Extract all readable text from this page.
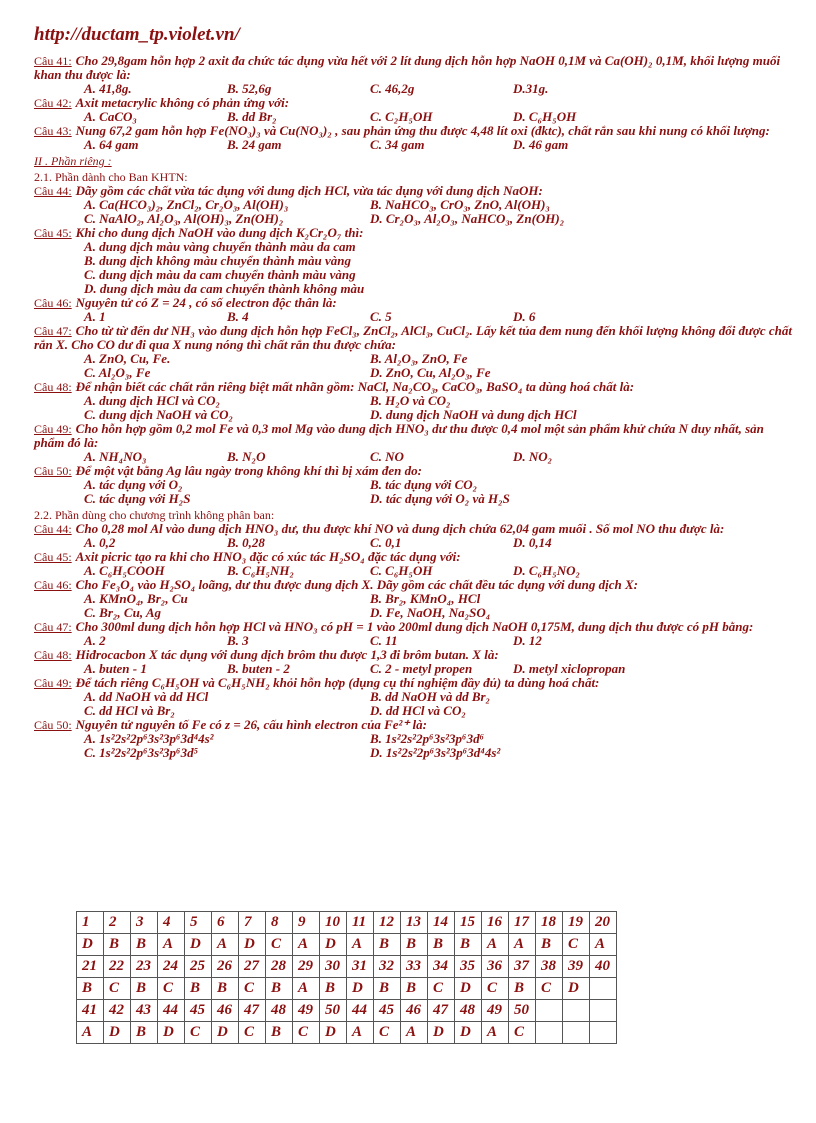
http://ductam_tp.violet.vn/
Câu 41: Cho 29,8gam hỗn hợp 2 axit đa chức tác dụng vừa hết với 2 lít dung dịch hỗn hợp NaOH 0,1M và Ca(OH)₂ 0,1M, khối lượng muối khan thu được là:
A. 41,8g.	B. 52,6g	C. 46,2g	D.31g.
Câu 42: Axit metacrylic không có phản ứng với:
A. CaCO₃	B. dd Br₂	C. C₂H₅OH	D. C₆H₅OH
Câu 43: Nung 67,2 gam hỗn hợp Fe(NO₃)₃ và Cu(NO₃)₂ , sau phản ứng thu được 4,48 lít oxi (đktc), chất rắn sau khi nung có khối lượng:
A. 64 gam	B. 24 gam	C. 34 gam	D. 46 gam
II . Phần riêng :
2.1. Phần dành cho Ban KHTN:
Câu 44: Dãy gồm các chất vừa tác dụng với dung dịch HCl, vừa tác dụng với dung dịch NaOH:
A. Ca(HCO₃)₂, ZnCl₂, Cr₂O₃, Al(OH)₃	B. NaHCO₃, CrO₃, ZnO, Al(OH)₃
C. NaAlO₂, Al₂O₃, Al(OH)₃, Zn(OH)₂	D. Cr₂O₃, Al₂O₃, NaHCO₃, Zn(OH)₂
Câu 45: Khi cho dung dịch NaOH vào dung dịch K₂Cr₂O₇ thì:
A. dung dịch màu vàng chuyển thành màu da cam
B. dung dịch không màu chuyển thành màu vàng
C. dung dịch màu da cam chuyển thành màu vàng
D. dung dịch màu da cam chuyển thành không màu
Câu 46: Nguyên tử có Z = 24 , có số electron độc thân là:
A. 1	B. 4	C. 5	D. 6
Câu 47: Cho từ từ đến dư NH₃ vào dung dịch hỗn hợp FeCl₃, ZnCl₂, AlCl₃, CuCl₂. Lấy kết tủa đem nung đến khối lượng không đổi được chất rắn X. Cho CO dư đi qua X nung nóng thì chất rắn thu được chứa:
A. ZnO, Cu, Fe.	B. Al₂O₃, ZnO, Fe
C. Al₂O₃, Fe	D. ZnO, Cu, Al₂O₃, Fe
Câu 48: Để nhận biết các chất rắn riêng biệt mất nhãn gồm: NaCl, Na₂CO₃, CaCO₃, BaSO₄ ta dùng hoá chất là:
A. dung dịch HCl và CO₂	B. H₂O và CO₂
C. dung dịch NaOH và CO₂	D. dung dịch NaOH và dung dịch HCl
Câu 49: Cho hỗn hợp gồm 0,2 mol Fe và 0,3 mol Mg vào dung dịch HNO₃ dư thu được 0,4 mol một sản phẩm khử chứa N duy nhất, sản phẩm đó là:
A. NH₄NO₃	B. N₂O	C. NO	D. NO₂
Câu 50: Để một vật bằng Ag lâu ngày trong không khí thì bị xám đen do:
A. tác dụng với O₂	B. tác dụng với CO₂
C. tác dụng với H₂S	D. tác dụng với O₂ và H₂S
2.2. Phần dùng cho chương trình không phân ban:
Câu 44: Cho 0,28 mol Al vào dung dịch HNO₃ dư, thu được khí NO và dung dịch chứa 62,04 gam muối . Số mol NO thu được là:
A. 0,2	B. 0,28	C. 0,1	D. 0,14
Câu 45: Axit picric tạo ra khi cho HNO₃ đặc có xúc tác H₂SO₄ đặc tác dụng với:
A. C₆H₅COOH	B. C₆H₅NH₂	C. C₆H₅OH	D. C₆H₅NO₂
Câu 46: Cho Fe₃O₄ vào H₂SO₄ loãng, dư thu được dung dịch X. Dãy gồm các chất đều tác dụng với dung dịch X:
A. KMnO₄, Br₂, Cu	B. Br₂, KMnO₄, HCl
C. Br₂, Cu, Ag	D. Fe, NaOH, Na₂SO₄
Câu 47: Cho 300ml dung dịch hỗn hợp HCl và HNO₃ có pH = 1 vào 200ml dung dịch NaOH 0,175M, dung dịch thu được có pH bằng:
A. 2	B. 3	C. 11	D. 12
Câu 48: Hiđrocacbon X tác dụng với dung dịch brôm thu được 1,3 đi brôm butan. X là:
A. buten - 1	B. buten - 2	C. 2 - metyl propen	D. metyl xiclopropan
Câu 49: Để tách riêng C₆H₅OH và C₆H₅NH₂ khỏi hỗn hợp (dụng cụ thí nghiệm đầy đủ) ta dùng hoá chất:
A. dd NaOH và dd HCl	B. dd NaOH và dd Br₂
C. dd HCl và Br₂	D. dd HCl và CO₂
Câu 50: Nguyên tử nguyên tố Fe có z = 26, cấu hình electron của Fe²⁺ là:
A. 1s²2s²2p⁶3s²3p⁶3d⁴4s²	B. 1s²2s²2p⁶3s²3p⁶3d⁶
C. 1s²2s²2p⁶3s²3p⁶3d⁵	D. 1s²2s²2p⁶3s²3p⁶3d⁴4s²
1	2	3	4	5	6	7	8	9	10	11	12	13	14	15	16	17	18	19	20
D	B	B	A	D	A	D	C	A	D	A	B	B	B	B	A	A	B	C	A
21	22	23	24	25	26	27	28	29	30	31	32	33	34	35	36	37	38	39	40
B	C	B	C	B	B	C	B	A	B	D	B	B	C	D	C	B	C	D	
41	42	43	44	45	46	47	48	49	50	44	45	46	47	48	49	50			
A	D	B	D	C	D	C	B	C	D	A	C	A	D	D	A	C			
